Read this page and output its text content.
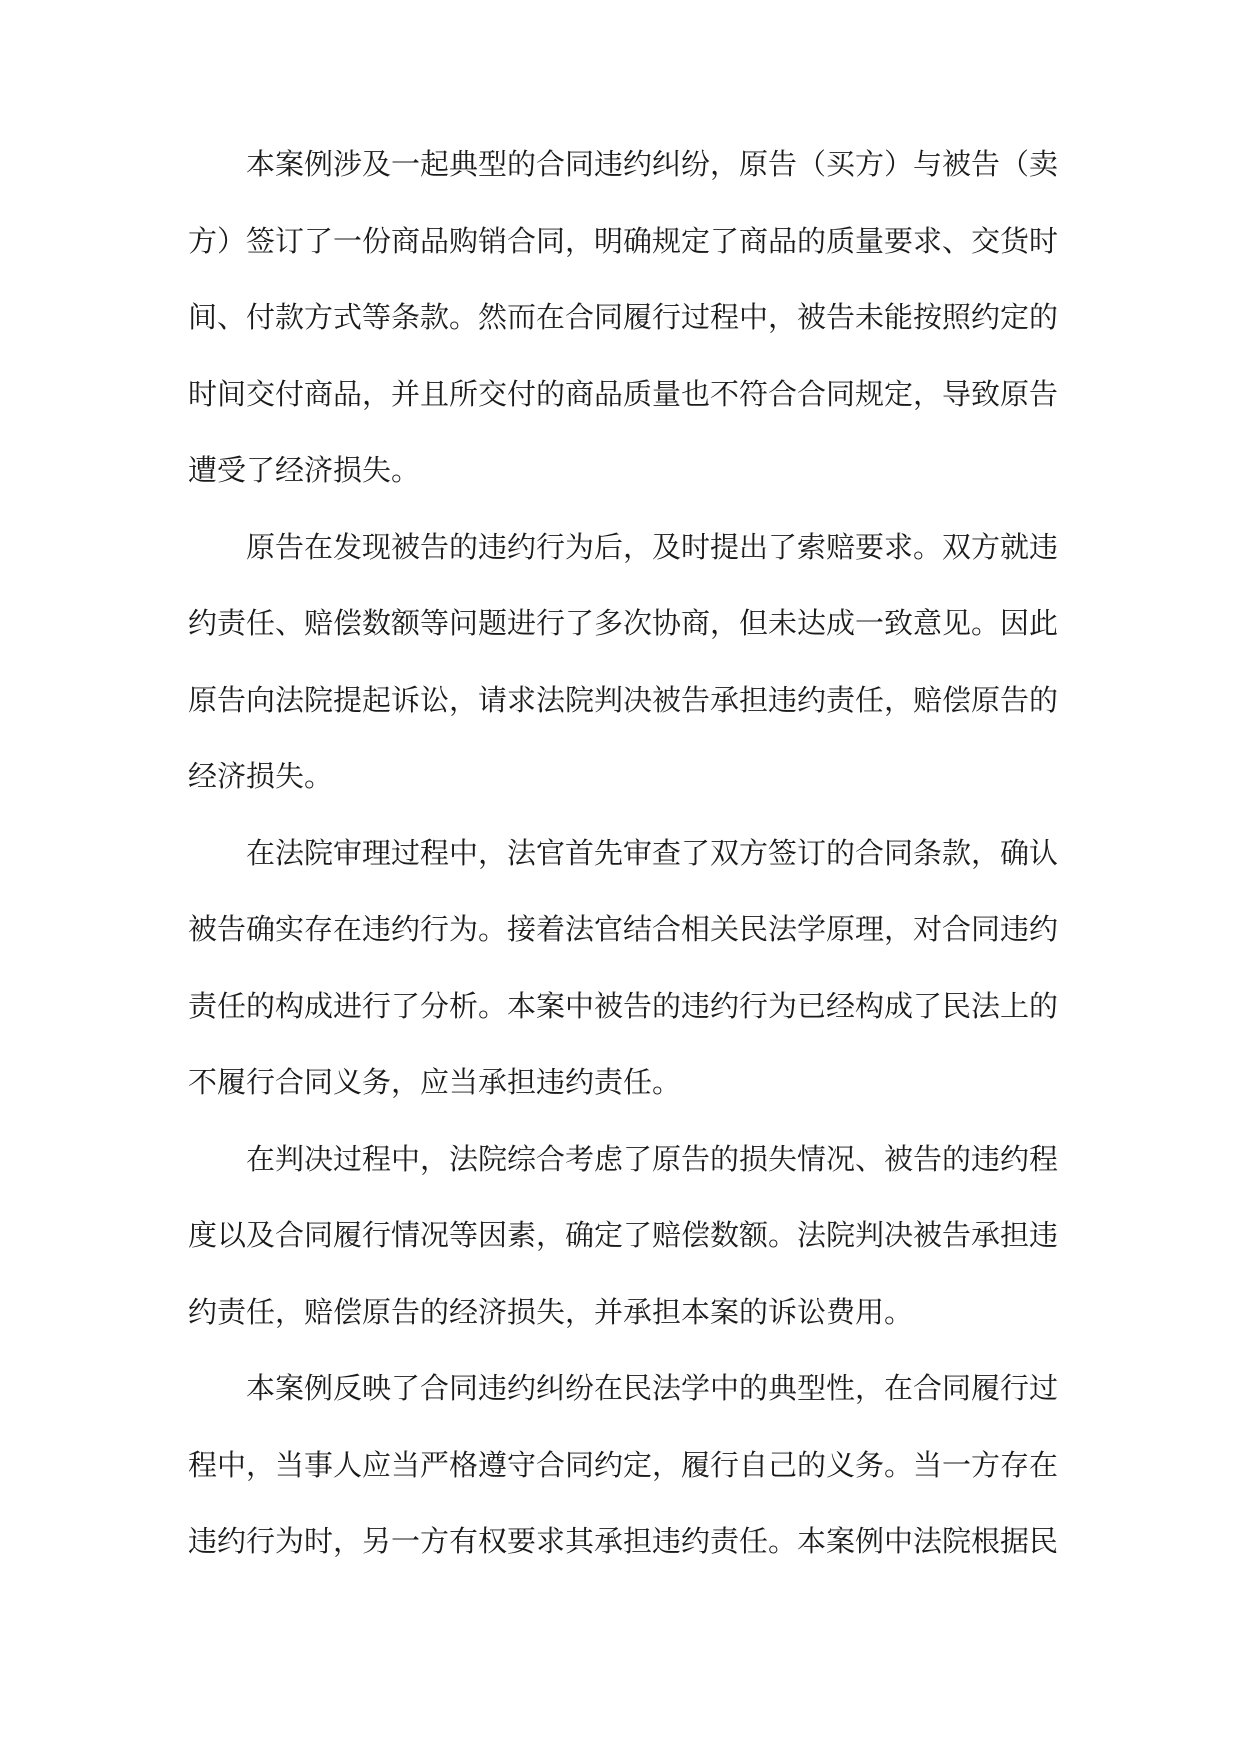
本案例涉及一起典型的合同违约纠纷，原告（买方）与被告（卖
方）签订了一份商品购销合同，明确规定了商品的质量要求、交货时
间、付款方式等条款。然而在合同履行过程中，被告未能按照约定的
时间交付商品，并且所交付的商品质量也不符合合同规定，导致原告
遭受了经济损失。
原告在发现被告的违约行为后，及时提出了索赔要求。双方就违
约责任、赔偿数额等问题进行了多次协商，但未达成一致意见。因此
原告向法院提起诉讼，请求法院判决被告承担违约责任，赔偿原告的
经济损失。
在法院审理过程中，法官首先审查了双方签订的合同条款，确认
被告确实存在违约行为。接着法官结合相关民法学原理，对合同违约
责任的构成进行了分析。本案中被告的违约行为已经构成了民法上的
不履行合同义务，应当承担违约责任。
在判决过程中，法院综合考虑了原告的损失情况、被告的违约程
度以及合同履行情况等因素，确定了赔偿数额。法院判决被告承担违
约责任，赔偿原告的经济损失，并承担本案的诉讼费用。
本案例反映了合同违约纠纷在民法学中的典型性，在合同履行过
程中，当事人应当严格遵守合同约定，履行自己的义务。当一方存在
违约行为时，另一方有权要求其承担违约责任。本案例中法院根据民
